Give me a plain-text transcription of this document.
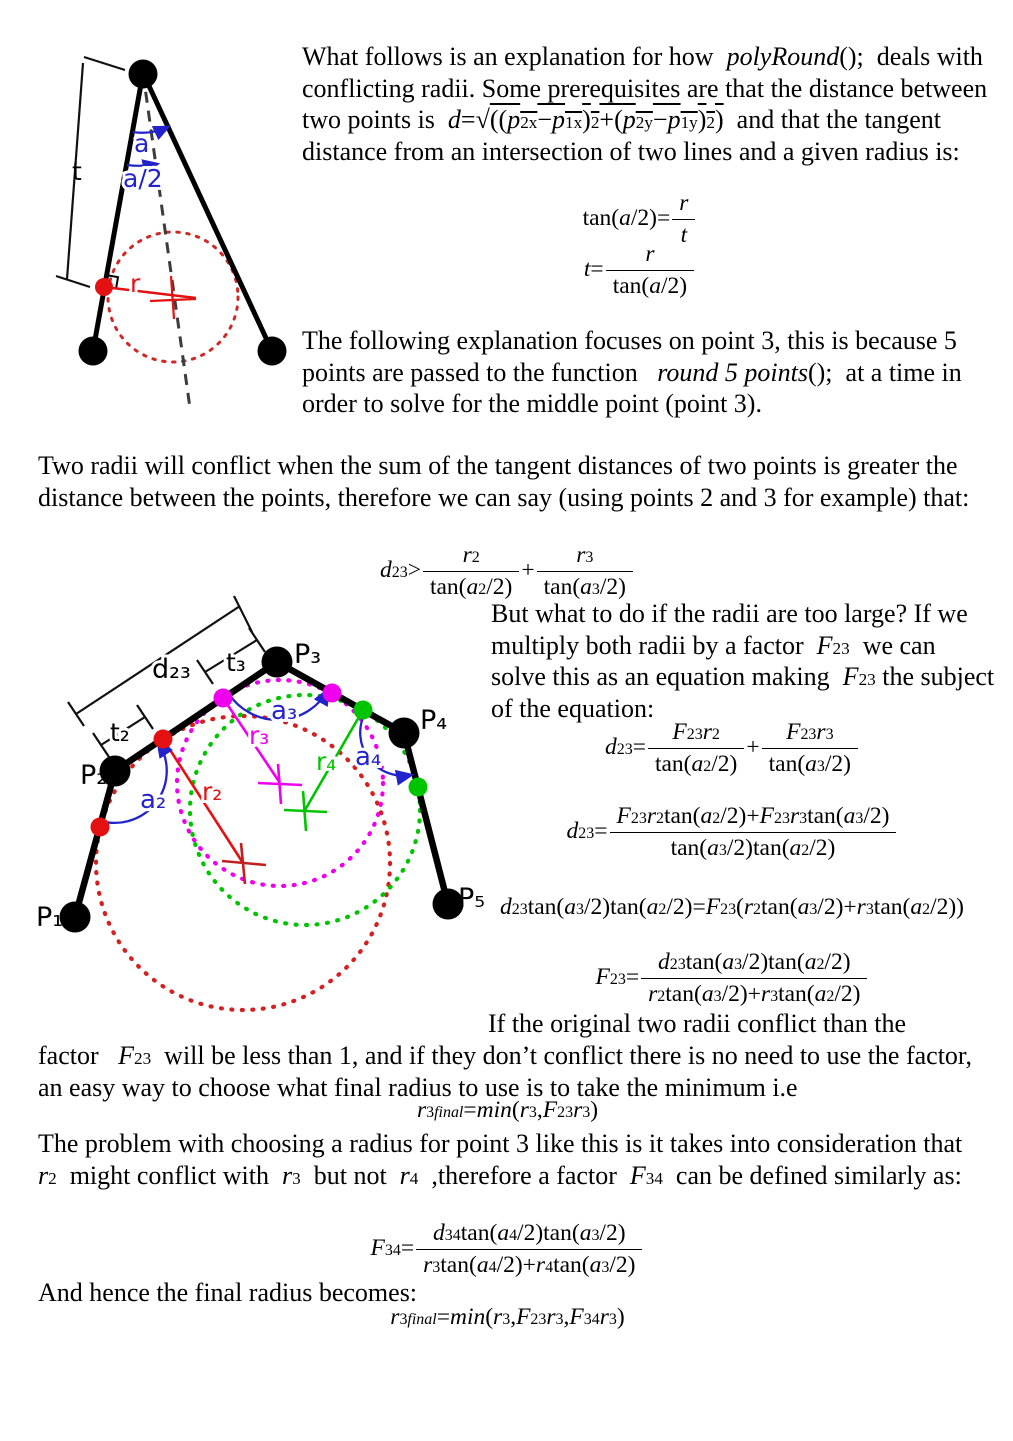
t
a
a/2
r
d₂₃ t₃
t₂
r₂
r₃
r₄
a₂
a₃
a₄
P₁
P₂
P₃
P₄
P₅
What follows is an explanation for how  polyRound();  deals with conflicting radii. Some prerequisites are that the distance between two points is  $d=√((p_{2x}-p_{1x})^2+(p_{2y}-p_{1y})^2)$  and that the tangent distance from an intersection of two lines and a given radius is:
$\tan(a/2)= \frac{r}{t}$
$t= \frac{r}{\tan(a/2)}$
The following explanation focuses on point 3, this is because 5 points are passed to the function   round 5 points();  at a time in order to solve for the middle point (point 3).
Two radii will conflict when the sum of the tangent distances of two points is greater the distance between the points, therefore we can say (using points 2 and 3 for example) that:
$d_{23}> \frac{r_2}{\tan(a_2/2)} + \frac{r_3}{\tan(a_3/2)}$
But what to do if the radii are too large? If we multiply both radii by a factor  $F_{23}$  we can solve this as an equation making  $F_{23}$ the subject of the equation:
$d_{23}= \frac{F_{23}r_2}{\tan(a_2/2)} + \frac{F_{23}r_3}{\tan(a_3/2)}$
$d_{23}= \frac{F_{23}r_2\tan(a_2/2)+F_{23}r_3\tan(a_3/2)}{\tan(a_3/2)\tan(a_2/2)}$
$d_{23}\tan(a_3/2)\tan(a_2/2)=F_{23}(r_2\tan(a_3/2)+r_3\tan(a_2/2))$
$F_{23}= \frac{d_{23}\tan(a_3/2)\tan(a_2/2)}{r_2\tan(a_3/2)+r_3\tan(a_2/2)}$
If the original two radii conflict than the
factor   $F_{23}$  will be less than 1, and if they don’t conflict there is no need to use the factor, an easy way to choose what final radius to use is to take the minimum i.e
$r_{3final}=\min(r_3,F_{23}r_3)$
The problem with choosing a radius for point 3 like this is it takes into consideration that  $r_2$  might conflict with  $r_3$  but not  $r_4$  ,therefore a factor  $F_{34}$  can be defined similarly as:
$F_{34}= \frac{d_{34}\tan(a_4/2)\tan(a_3/2)}{r_3\tan(a_4/2)+r_4\tan(a_3/2)}$
And hence the final radius becomes:
$r_{3final}=\min(r_3,F_{23}r_3,F_{34}r_3)$
